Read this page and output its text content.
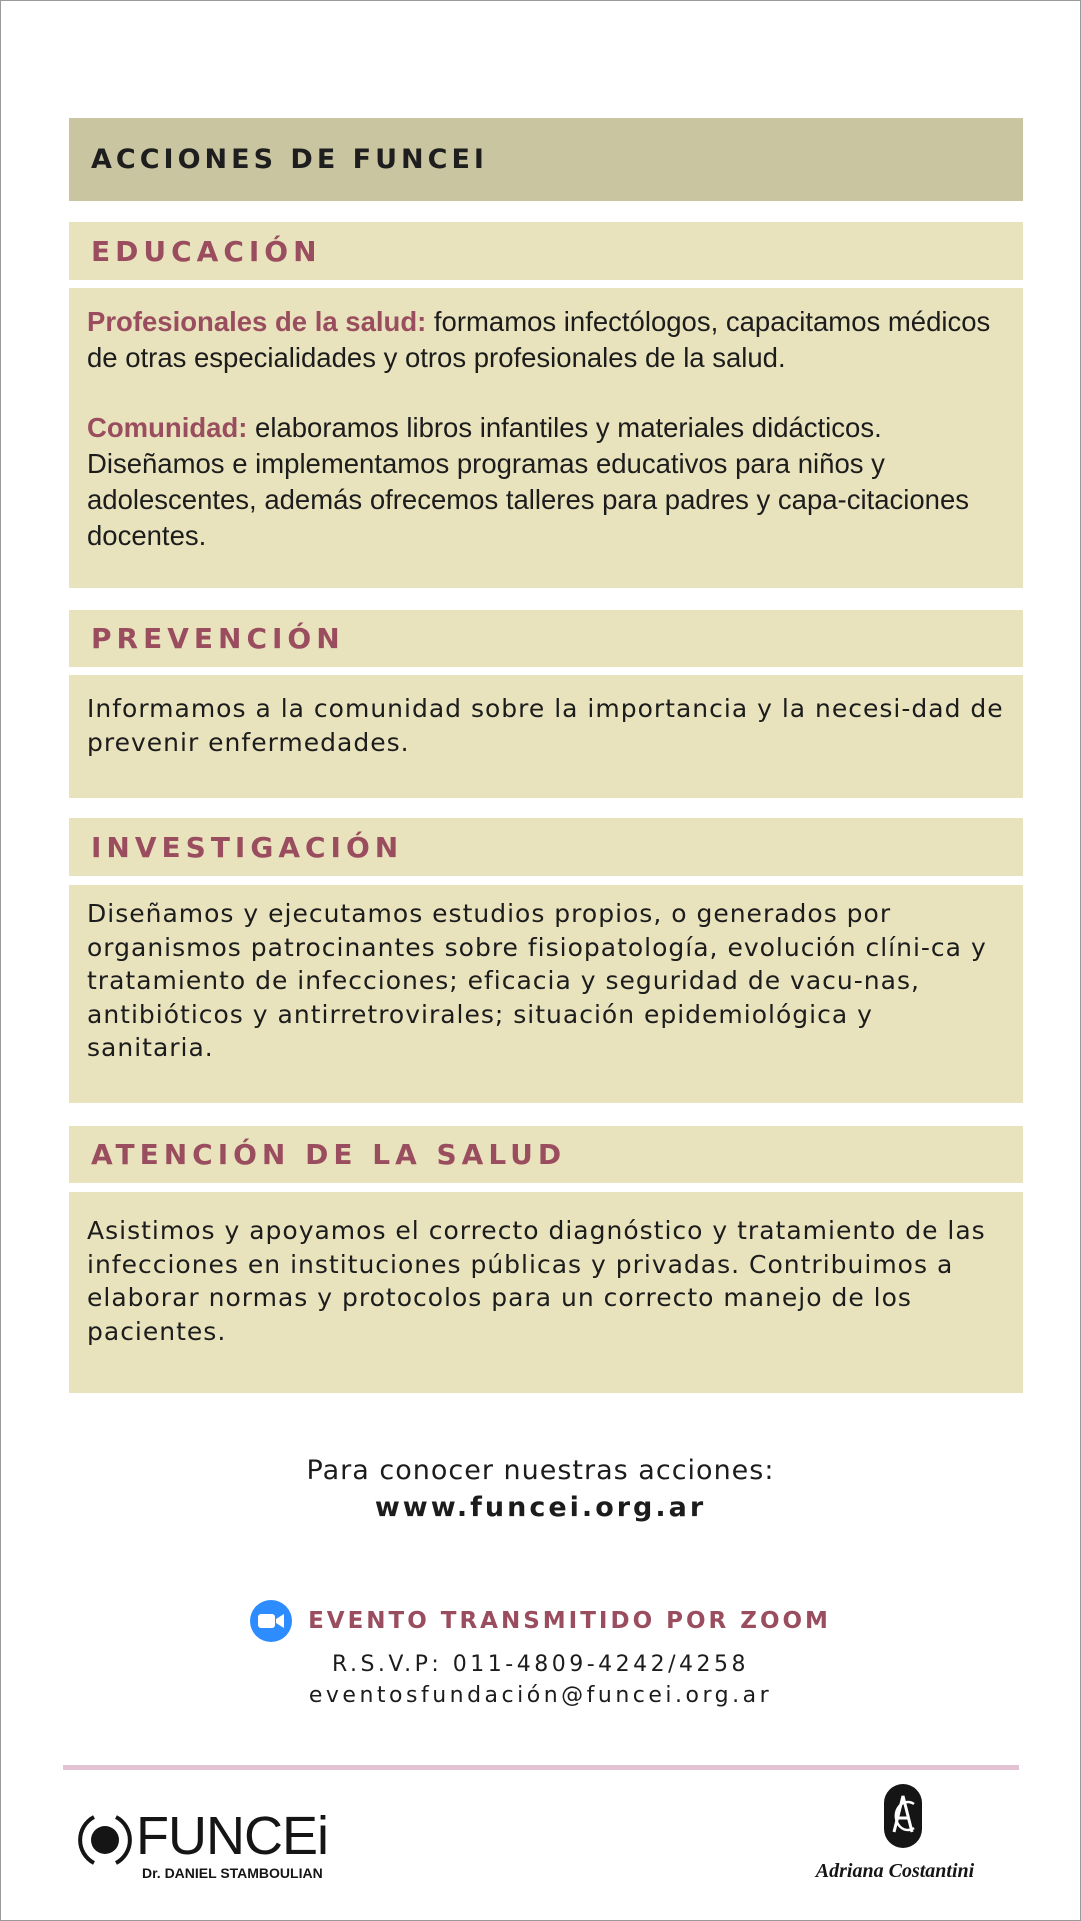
ACCIONES DE FUNCEI
EDUCACIÓN

Profesionales de la salud: formamos infectólogos, capacitamos médicos de otras especialidades y otros profesionales de la salud.

Comunidad: elaboramos libros infantiles y materiales didácticos. Diseñamos e implementamos programas educativos para niños y adolescentes, además ofrecemos talleres para padres y capa-citaciones docentes.

PREVENCIÓN

Informamos a la comunidad sobre la importancia y la necesi-dad de prevenir enfermedades.

INVESTIGACIÓN

Diseñamos y ejecutamos estudios propios, o generados por organismos patrocinantes sobre fisiopatología, evolución clíni-ca y tratamiento de infecciones; eficacia y seguridad de vacu-nas, antibióticos y antirretrovirales; situación epidemiológica y sanitaria.

ATENCIÓN DE LA SALUD

Asistimos y apoyamos el correcto diagnóstico y tratamiento de las infecciones en instituciones públicas y privadas. Contribuimos a elaborar normas y protocolos para un correcto manejo de los pacientes.

Para conocer nuestras acciones:
www.funcei.org.ar
EVENTO TRANSMITIDO POR ZOOM
R.S.V.P: 011-4809-4242/4258
eventosfundación@funcei.org.ar
FUNCEi
Dr. DANIEL STAMBOULIAN	Adriana Costantini
